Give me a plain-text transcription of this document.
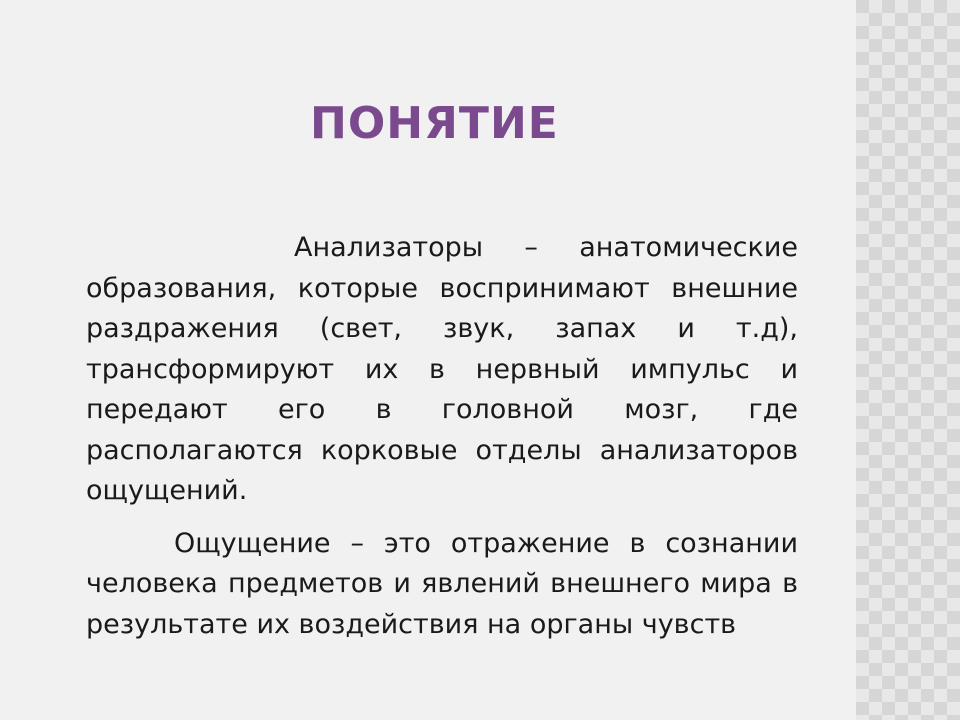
ПОНЯТИЕ

Анализаторы – анатомические образования, которые воспринимают внешние раздражения (свет, звук, запах и т.д), трансформируют их в нервный импульс и передают его в головной мозг, где располагаются корковые отделы анализаторов ощущений.

Ощущение – это отражение в сознании человека предметов и явлений внешнего мира в результате их воздействия на органы чувств
